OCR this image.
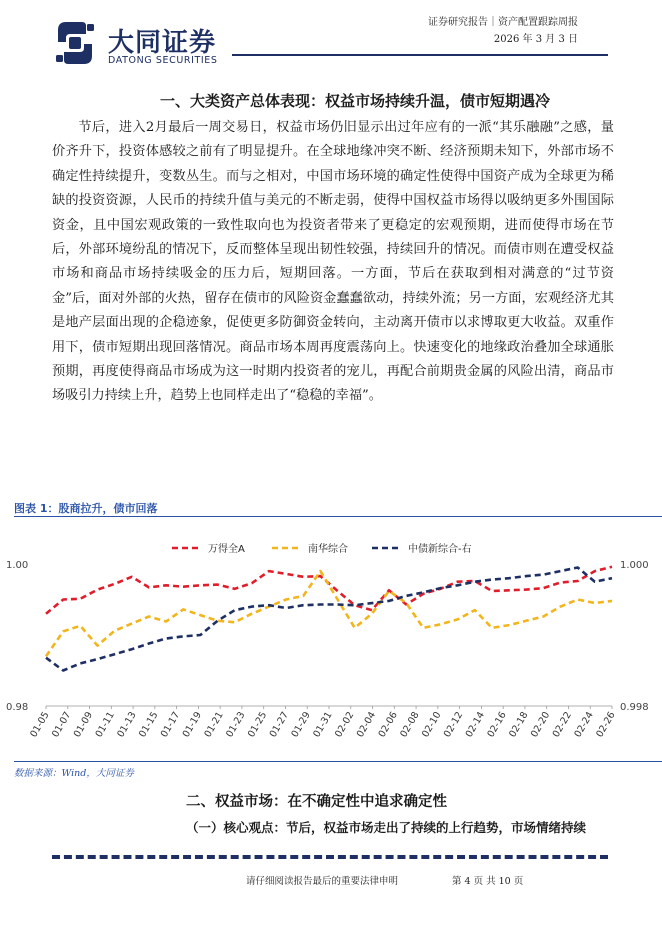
大同证券
DATONG SECURITIES
证券研究报告｜资产配置跟踪周报
2026 年 3 月 3 日
一、大类资产总体表现：权益市场持续升温，债市短期遇冷

节后，进入2月最后一周交易日，权益市场仍旧显示出过年应有的一派“其乐融融”之感，量价齐升下，投资体感较之前有了明显提升。在全球地缘冲突不断、经济预期未知下，外部市场不确定性持续提升，变数丛生。而与之相对，中国市场环境的确定性使得中国资产成为全球更为稀缺的投资资源，人民币的持续升值与美元的不断走弱，使得中国权益市场得以吸纳更多外围国际资金，且中国宏观政策的一致性取向也为投资者带来了更稳定的宏观预期，进而使得市场在节后，外部环境纷乱的情况下，反而整体呈现出韧性较强，持续回升的情况。而债市则在遭受权益市场和商品市场持续吸金的压力后，短期回落。一方面，节后在获取到相对满意的“过节资金”后，面对外部的火热，留存在债市的风险资金蠢蠢欲动，持续外流；另一方面，宏观经济尤其是地产层面出现的企稳迹象，促使更多防御资金转向，主动离开债市以求博取更大收益。双重作用下，债市短期出现回落情况。商品市场本周再度震荡向上。快速变化的地缘政治叠加全球通胀预期，再度使得商品市场成为这一时期内投资者的宠儿，再配合前期贵金属的风险出清，商品市场吸引力持续上升，趋势上也同样走出了“稳稳的幸福”。

图表 1：股商拉升，债市回落
万得全A	南华综合	中债新综合-右
1.00
0.98
1.000
0.998
01-05
01-07
01-09
01-11
01-13
01-15
01-17
01-19
01-21
01-23
01-25
01-27
01-29
01-31
02-02
02-04
02-06
02-08
02-10
02-12
02-14
02-16
02-18
02-20
02-22
02-24
02-26
数据来源：Wind，大同证券
二、权益市场：在不确定性中追求确定性
（一）核心观点：节后，权益市场走出了持续的上行趋势，市场情绪持续
请仔细阅读报告最后的重要法律申明	第 4 页 共 10 页
